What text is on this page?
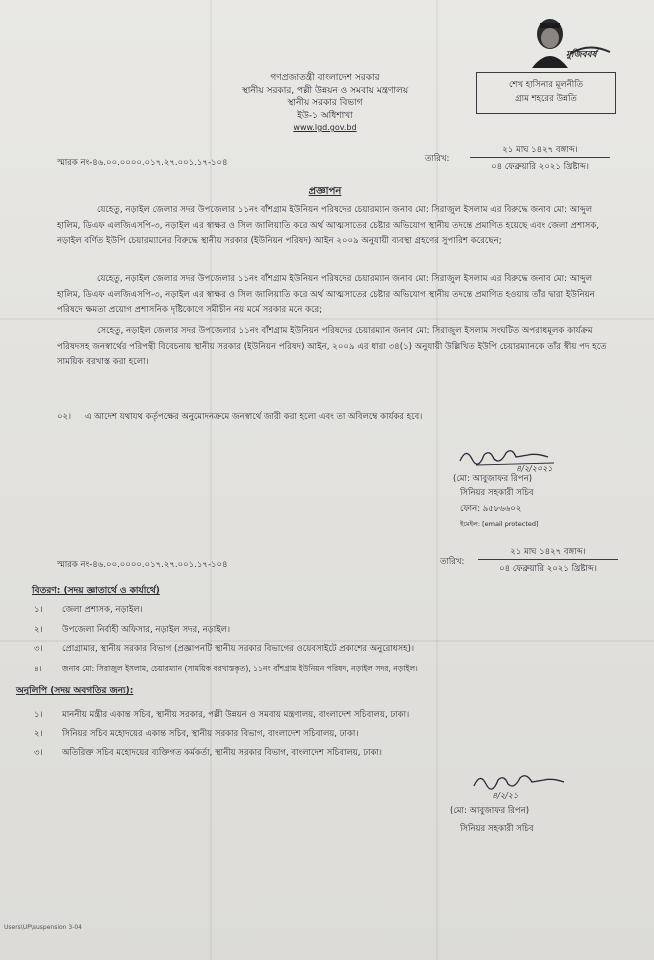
মুজিববর্ষ
গণপ্রজাতন্ত্রী বাংলাদেশ সরকার
স্থানীয় সরকার, পল্লী উন্নয়ন ও সমবায় মন্ত্রণালয়
স্থানীয় সরকার বিভাগ
ইউ-১ অধিশাখা
www.lgd.gov.bd
শেখ হাসিনার মূলনীতি
গ্রাম শহরের উন্নতি
স্মারক নং-৪৬.০০.০০০০.০১৭.২৭.০০১.১৭-১০৪	তারিখ:
২১ মাঘ ১৪২৭ বঙ্গাব্দ।
০৪ ফেব্রুয়ারি ২০২১ খ্রিষ্টাব্দ।
প্রজ্ঞাপন
যেহেতু, নড়াইল জেলার সদর উপজেলার ১১নং বাঁশগ্রাম ইউনিয়ন পরিষদের চেয়ারম্যান জনাব মো: সিরাজুল ইসলাম এর বিরুদ্ধে জনাব মো: আব্দুল হালিম, ডিএফ এলজিএসপি-৩, নড়াইল এর স্বাক্ষর ও সিল জালিয়াতি করে অর্থ আত্মসাতের চেষ্টার অভিযোগ স্থানীয় তদন্তে প্রমাণিত হয়েছে এবং জেলা প্রশাসক, নড়াইল বর্ণিত ইউপি চেয়ারম্যানের বিরুদ্ধে স্থানীয় সরকার (ইউনিয়ন পরিষদ) আইন ২০০৯ অনুযায়ী ব্যবস্থা গ্রহণের সুপারিশ করেছেন;
যেহেতু, নড়াইল জেলার সদর উপজেলার ১১নং বাঁশগ্রাম ইউনিয়ন পরিষদের চেয়ারম্যান জনাব মো: সিরাজুল ইসলাম এর বিরুদ্ধে জনাব মো: আব্দুল হালিম, ডিএফ এলজিএসপি-৩, নড়াইল এর স্বাক্ষর ও সিল জালিয়াতি করে অর্থ আত্মসাতের চেষ্টার অভিযোগ স্থানীয় তদন্তে প্রমাণিত হওয়ায় তাঁর দ্বারা ইউনিয়ন পরিষদে ক্ষমতা প্রয়োগ প্রশাসনিক দৃষ্টিকোণে সমীচীন নয় মর্মে সরকার মনে করে;
সেহেতু, নড়াইল জেলার সদর উপজেলার ১১নং বাঁশগ্রাম ইউনিয়ন পরিষদের চেয়ারম্যান জনাব মো: সিরাজুল ইসলাম সংঘটিত অপরাধমূলক কার্যক্রম পরিষদসহ জনস্বার্থের পরিপন্থী বিবেচনায় স্থানীয় সরকার (ইউনিয়ন পরিষদ) আইন, ২০০৯ এর ধারা ৩৪(১) অনুযায়ী উল্লিখিত ইউপি চেয়ারম্যানকে তাঁর স্বীয় পদ হতে সাময়িক বরখাস্ত করা হলো।
০২। এ আদেশ যথাযথ কর্তৃপক্ষের অনুমোদনক্রমে জনস্বার্থে জারী করা হলো এবং তা অবিলম্বে কার্যকর হবে।
স্বাক্ষর
৪/২/২০২১
(মো: আবুজাফর রিপন)
সিনিয়র সহকারী সচিব
ফোন: ৯৫৮৬৬০২
ইমেইল: [email protected]
স্মারক নং-৪৬.০০.০০০০.০১৭.২৭.০০১.১৭-১০৪	তারিখ:
২১ মাঘ ১৪২৭ বঙ্গাব্দ।
০৪ ফেব্রুয়ারি ২০২১ খ্রিষ্টাব্দ।
বিতরণ: (সদয় জ্ঞাতার্থে ও কার্যার্থে)
১। জেলা প্রশাসক, নড়াইল।
২। উপজেলা নির্বাহী অফিসার, নড়াইল সদর, নড়াইল।
৩। প্রোগ্রামার, স্থানীয় সরকার বিভাগ (প্রজ্ঞাপনটি স্থানীয় সরকার বিভাগের ওয়েবসাইটে প্রকাশের অনুরোধসহ)।
৪।	জনাব মো: সিরাজুল ইসলাম, চেয়ারম্যান (সাময়িক বরখাস্তকৃত), ১১নং বাঁশগ্রাম ইউনিয়ন পরিষদ, নড়াইল সদর, নড়াইল।
অনুলিপি (সদয় অবগতির জন্য):
১। মাননীয় মন্ত্রীর একান্ত সচিব, স্থানীয় সরকার, পল্লী উন্নয়ন ও সমবায় মন্ত্রণালয়, বাংলাদেশ সচিবালয়, ঢাকা।
২। সিনিয়র সচিব মহোদয়ের একান্ত সচিব, স্থানীয় সরকার বিভাগ, বাংলাদেশ সচিবালয়, ঢাকা।
৩। অতিরিক্ত সচিব মহোদয়ের ব্যক্তিগত কর্মকর্তা, স্থানীয় সরকার বিভাগ, বাংলাদেশ সচিবালয়, ঢাকা।
স্বাক্ষর
৪/২/২১
(মো: আবুজাফর রিপন)
সিনিয়র সহকারী সচিব
Users\UP\suspension 3-04
